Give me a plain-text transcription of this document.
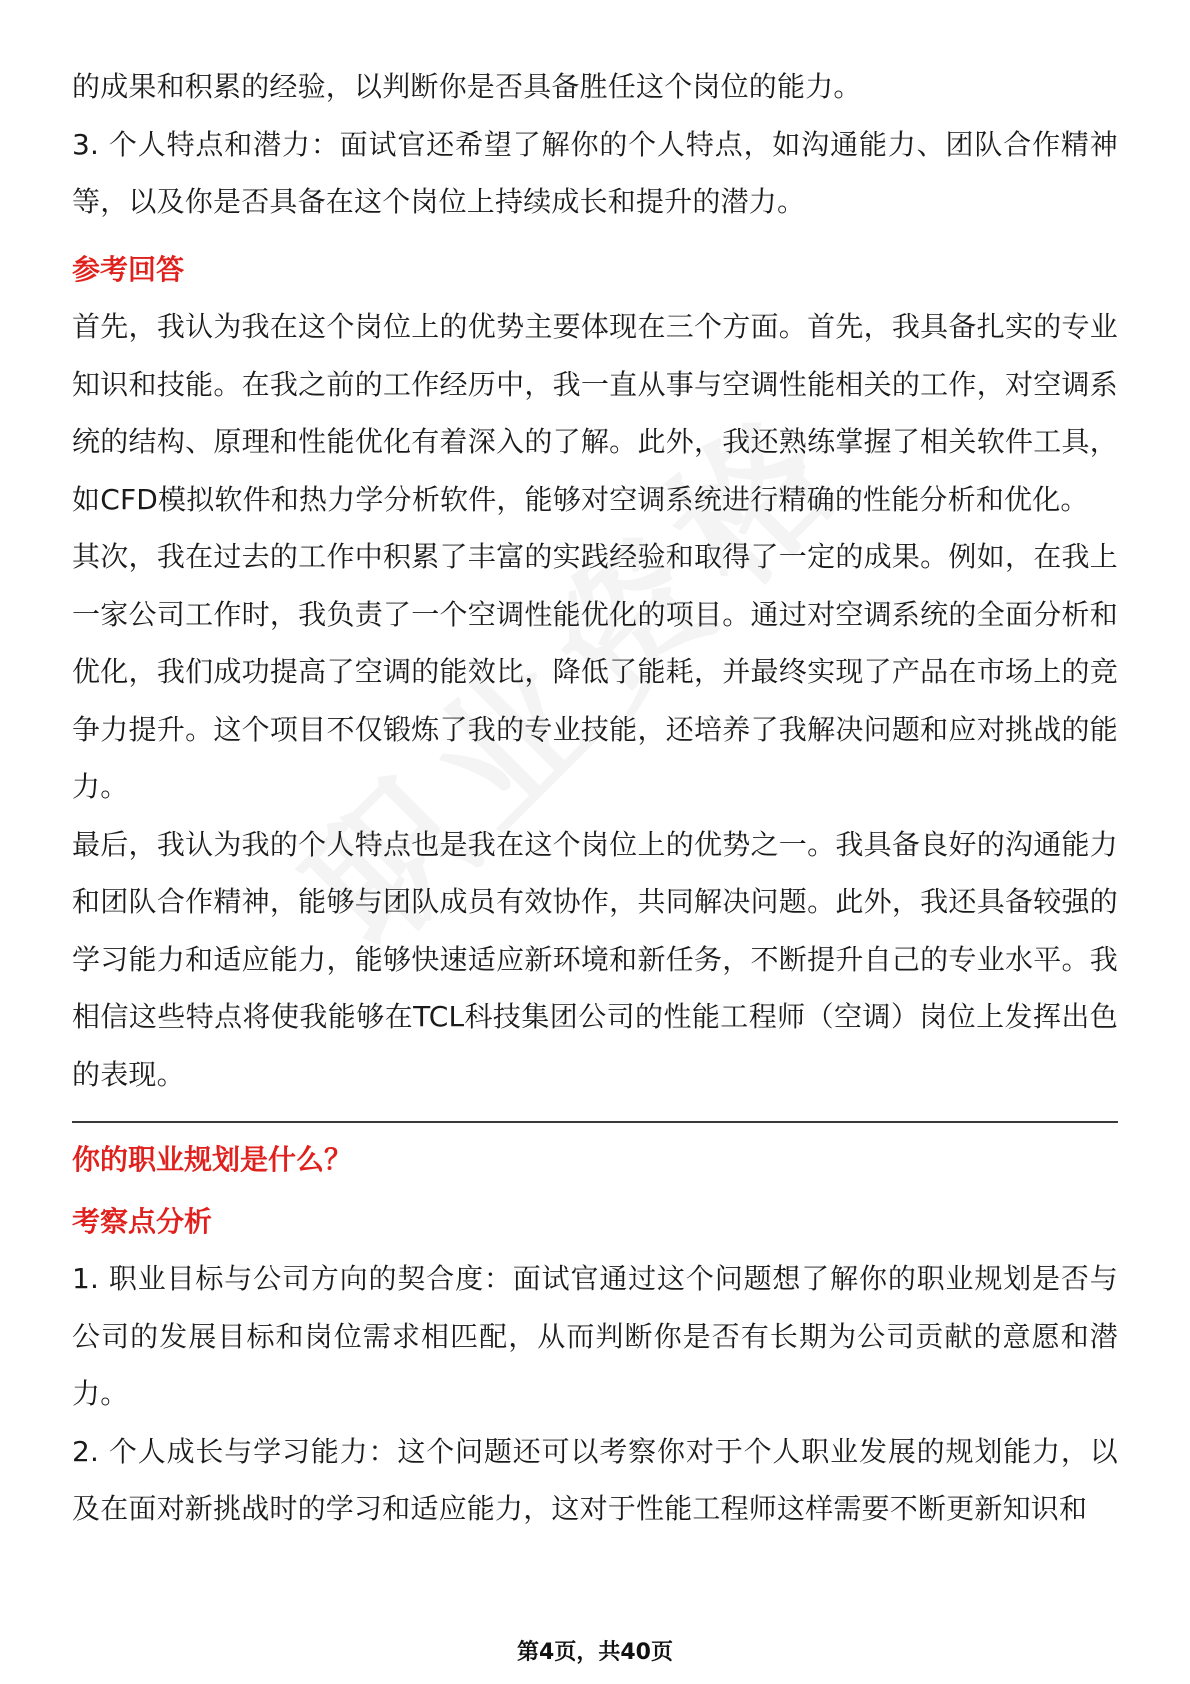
的成果和积累的经验，以判断你是否具备胜任这个岗位的能力。

3. 个人特点和潜力：面试官还希望了解你的个人特点，如沟通能力、团队合作精神等，以及你是否具备在这个岗位上持续成长和提升的潜力。

参考回答

首先，我认为我在这个岗位上的优势主要体现在三个方面。首先，我具备扎实的专业知识和技能。在我之前的工作经历中，我一直从事与空调性能相关的工作，对空调系统的结构、原理和性能优化有着深入的了解。此外，我还熟练掌握了相关软件工具，如CFD模拟软件和热力学分析软件，能够对空调系统进行精确的性能分析和优化。

其次，我在过去的工作中积累了丰富的实践经验和取得了一定的成果。例如，在我上一家公司工作时，我负责了一个空调性能优化的项目。通过对空调系统的全面分析和优化，我们成功提高了空调的能效比，降低了能耗，并最终实现了产品在市场上的竞争力提升。这个项目不仅锻炼了我的专业技能，还培养了我解决问题和应对挑战的能力。

最后，我认为我的个人特点也是我在这个岗位上的优势之一。我具备良好的沟通能力和团队合作精神，能够与团队成员有效协作，共同解决问题。此外，我还具备较强的学习能力和适应能力，能够快速适应新环境和新任务，不断提升自己的专业水平。我相信这些特点将使我能够在TCL科技集团公司的性能工程师（空调）岗位上发挥出色的表现。

你的职业规划是什么？
考察点分析

1. 职业目标与公司方向的契合度：面试官通过这个问题想了解你的职业规划是否与公司的发展目标和岗位需求相匹配，从而判断你是否有长期为公司贡献的意愿和潜力。

2. 个人成长与学习能力：这个问题还可以考察你对于个人职业发展的规划能力，以及在面对新挑战时的学习和适应能力，这对于性能工程师这样需要不断更新知识和

第4页，共40页
